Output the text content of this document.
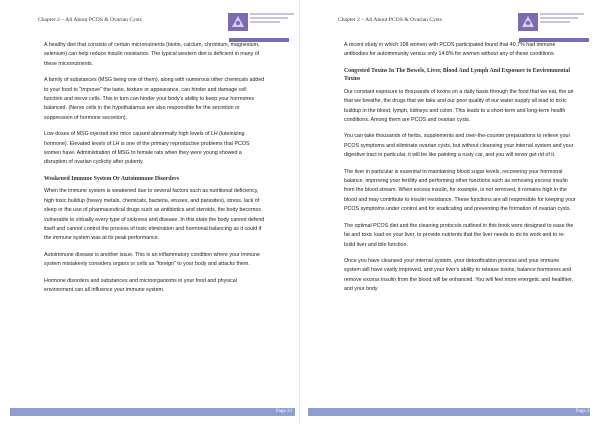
Chapter 2 – All About PCOS & Ovarian Cysts

A healthy diet that consists of certain micronutrients (biotin, calcium, chromium, magnesium, selenium) can help reduce insulin resistance. The typical western diet is deficient in many of these micronutrients.

A family of substances (MSG being one of them), along with numerous other chemicals added to your food to "improve" the taste, texture or appearance, can hinder and damage cell function and nerve cells. This in turn can hinder your body's ability to keep your hormones balanced. (Nerve cells in the hypothalamus are also responsible for the secretion or suppression of hormone secretion).

Low doses of MSG injected into mice caused abnormally high levels of LH (luteinizing hormone). Elevated levels of LH is one of the primary reproductive problems that PCOS women have. Administration of MSG to female rats when they were young showed a disruption of ovarian cyclicity after puberty.

Weakened Immune System Or Autoimmune Disorders

When the immune system is weakened due to several factors such as nutritional deficiency, high toxic buildup (heavy metals, chemicals, bacteria, viruses, and parasites), stress, lack of sleep or the use of pharmaceutical drugs such as antibiotics and steroids, the body becomes vulnerable to virtually every type of sickness and disease. In this state the body cannot defend itself and cannot control the process of toxic elimination and hormonal balancing as it could if the immune system was at its peak performance.

Autoimmune disease is another issue. This is an inflammatory condition where your immune system mistakenly considers organs or cells as "foreign" to your body and attacks them.

Hormone disorders and substances and microorganisms in your food and physical environment can all influence your immune system.

Page 24
Chapter 2 – All About PCOS & Ovarian Cysts

A recent study in which 108 women with PCOS participated found that 40.7% had immune antibodies for autoimmunity versus only 14.8% for women without any of these conditions.

Congested Toxins In The Bowels, Liver, Blood And Lymph And Exposure to Environmental Toxins

Our constant exposure to thousands of toxins on a daily basis through the food that we eat, the air that we breathe, the drugs that we take and our poor quality of our water supply all lead to toxic buildup in the blood, lymph, kidneys and colon. This leads to a short-term and long-term health conditions. Among them are PCOS and ovarian cysts.

You can take thousands of herbs, supplements and over-the-counter preparations to relieve your PCOS symptoms and eliminate ovarian cysts, but without cleansing your internal system and your digestive tract in particular, it will be like painting a rusty car, and you will never get rid of it.

The liver in particular is essential to maintaining blood sugar levels, recovering your hormonal balance, improving your fertility and performing other functions such as removing excess insulin from the blood stream. When excess insulin, for example, is not removed, it remains high in the blood and may contribute to insulin resistance. These functions are all responsible for keeping your PCOS symptoms under control and for eradicating and preventing the formation of ovarian cysts.

The optimal PCOS diet and the cleaning protocols outlined in this book were designed to ease the fat and toxic load on your liver, to provide nutrients that the liver needs to do its work and to re-build liver and bile function.

Once you have cleansed your internal system, your detoxification process and your immune system will have vastly improved, and your liver's ability to release toxins, balance hormones and remove excess insulin from the blood will be enhanced. You will feel more energetic and healthier, and your body

Page 25
